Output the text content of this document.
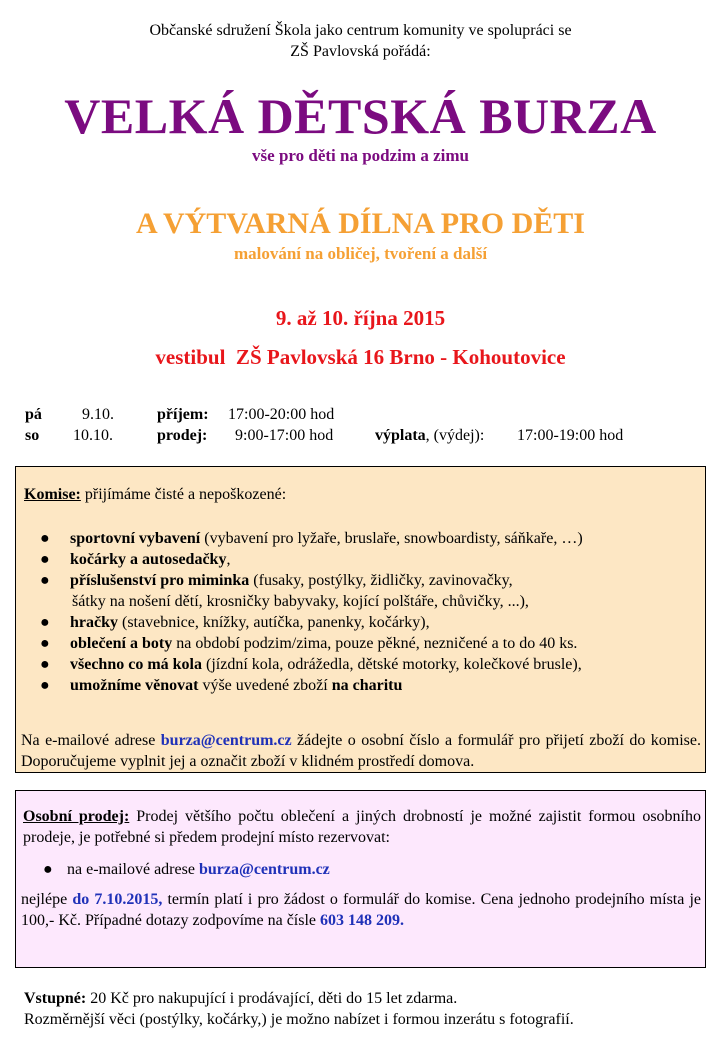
Občanské sdružení Škola jako centrum komunity ve spolupráci se
ZŠ Pavlovská pořádá:
VELKÁ DĚTSKÁ BURZA
vše pro děti na podzim a zimu
A VÝTVARNÁ DÍLNA PRO DĚTI
malování na obličej, tvoření a další
9. až 10. října 2015
vestibul  ZŠ Pavlovská 16 Brno - Kohoutovice
pá	9.10.	příjem: 17:00-20:00 hod
so 10.10.	prodej: 9:00-17:00 hod	výplata, (výdej): 17:00-19:00 hod
Komise: přijímáme čisté a nepoškozené:
● sportovní vybavení (vybavení pro lyžaře, bruslaře, snowboardisty, sáňkaře, …)
● kočárky a autosedačky,
● příslušenství pro miminka (fusaky, postýlky, židličky, zavinovačky,
šátky na nošení dětí, krosničky babyvaky, kojící polštáře, chůvičky, ...),
● hračky (stavebnice, knížky, autíčka, panenky, kočárky),
● oblečení a boty na období podzim/zima, pouze pěkné, nezničené a to do 40 ks.
● všechno co má kola (jízdní kola, odrážedla, dětské motorky, kolečkové brusle),
● umožníme věnovat výše uvedené zboží na charitu
Na e-mailové adrese burza@centrum.cz žádejte o osobní číslo a formulář pro přijetí zboží do komise. Doporučujeme vyplnit jej a označit zboží v klidném prostředí domova.
Osobní prodej: Prodej většího počtu oblečení a jiných drobností je možné zajistit formou osobního prodeje, je potřebné si předem prodejní místo rezervovat:
● na e-mailové adrese burza@centrum.cz
nejlépe do 7.10.2015, termín platí i pro žádost o formulář do komise. Cena jednoho prodejního místa je 100,- Kč. Případné dotazy zodpovíme na čísle 603 148 209.
Vstupné: 20 Kč pro nakupující i prodávající, děti do 15 let zdarma.
Rozměrnější věci (postýlky, kočárky,) je možno nabízet i formou inzerátu s fotografií.
